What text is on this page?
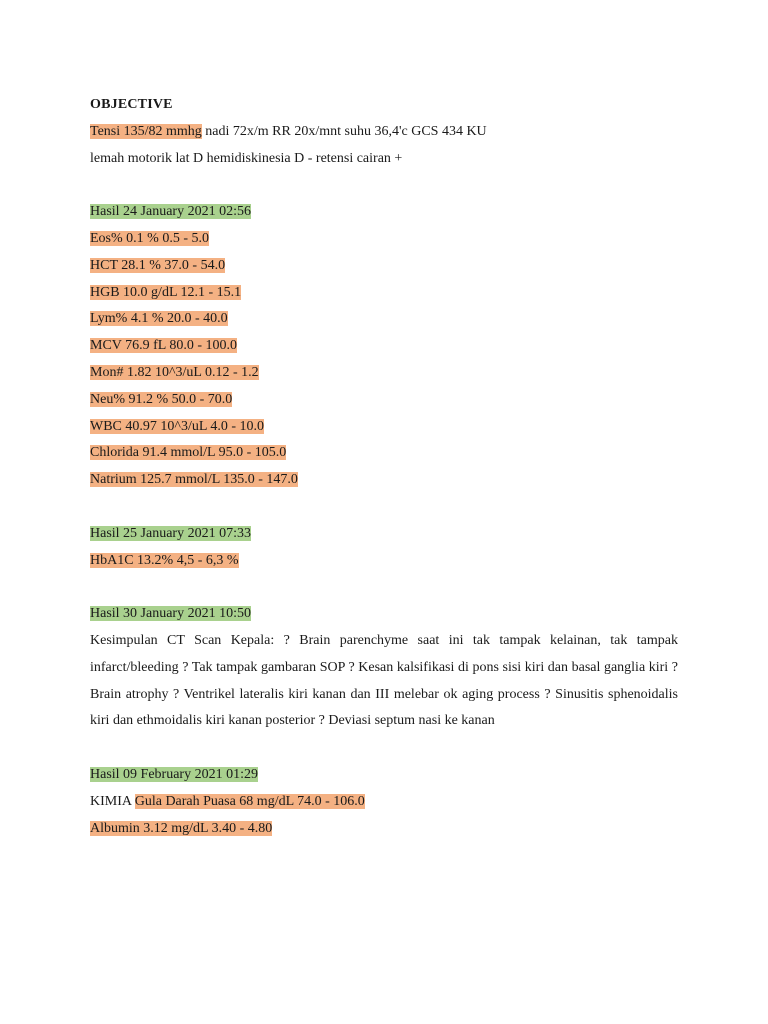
OBJECTIVE
Tensi 135/82 mmhg nadi 72x/m RR 20x/mnt suhu 36,4'c GCS 434 KU
lemah motorik lat D hemidiskinesia D - retensi cairan +
Hasil 24 January 2021 02:56
Eos% 0.1 % 0.5 - 5.0
HCT 28.1 % 37.0 - 54.0
HGB 10.0 g/dL 12.1 - 15.1
Lym% 4.1 % 20.0 - 40.0
MCV 76.9 fL 80.0 - 100.0
Mon# 1.82 10^3/uL 0.12 - 1.2
Neu% 91.2 % 50.0 - 70.0
WBC 40.97 10^3/uL 4.0 - 10.0
Chlorida 91.4 mmol/L 95.0 - 105.0
Natrium 125.7 mmol/L 135.0 - 147.0
Hasil 25 January 2021 07:33
HbA1C 13.2% 4,5 - 6,3 %
Hasil 30 January 2021 10:50
Kesimpulan CT Scan Kepala: ? Brain parenchyme saat ini tak tampak kelainan, tak tampak infarct/bleeding ? Tak tampak gambaran SOP ? Kesan kalsifikasi di pons sisi kiri dan basal ganglia kiri ? Brain atrophy ? Ventrikel lateralis kiri kanan dan III melebar ok aging process ? Sinusitis sphenoidalis kiri dan ethmoidalis kiri kanan posterior ? Deviasi septum nasi ke kanan
Hasil 09 February 2021 01:29
KIMIA Gula Darah Puasa 68 mg/dL 74.0 - 106.0
Albumin 3.12 mg/dL 3.40 - 4.80
